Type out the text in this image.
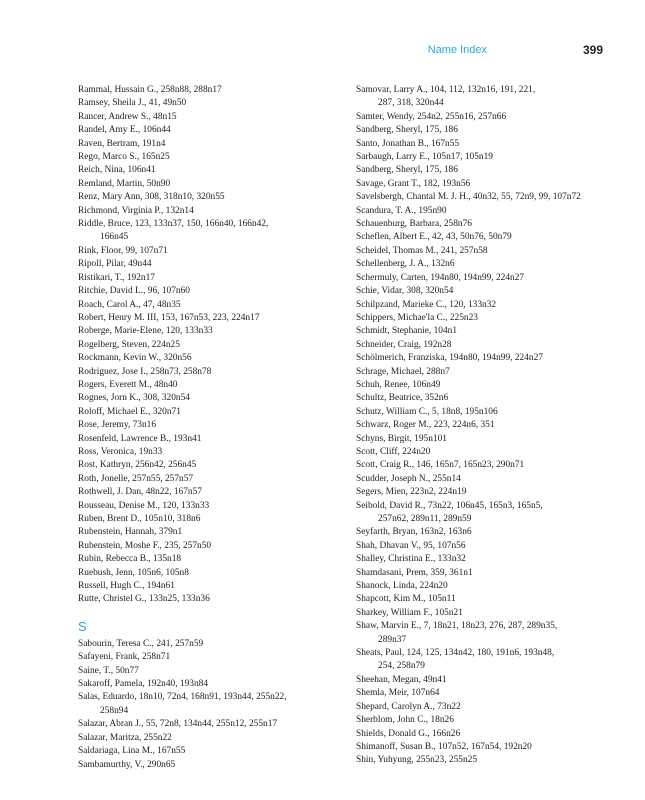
Name Index	399
Rammal, Hussain G., 258n88, 288n17
Ramsey, Sheila J., 41, 49n50
Rancer, Andrew S., 48n15
Randel, Amy E., 106n44
Raven, Bertram, 191n4
Rego, Marco S., 165n25
Reich, Nina, 106n41
Remland, Martin, 50n90
Renz, Mary Ann, 308, 318n10, 320n55
Richmond, Virginia P., 132n14
Riddle, Bruce, 123, 133n37, 150, 166n40, 166n42,
166n45
Rink, Floor, 99, 107n71
Ripoll, Pilar, 49n44
Ristikari, T., 192n17
Ritchie, David L., 96, 107n60
Roach, Carol A., 47, 48n35
Robert, Henry M. III, 153, 167n53, 223, 224n17
Roberge, Marie-Elene, 120, 133n33
Rogelberg, Steven, 224n25
Rockmann, Kevin W., 320n56
Rodriguez, Jose I., 258n73, 258n78
Rogers, Everett M., 48n40
Rognes, Jorn K., 308, 320n54
Roloff, Michael E., 320n71
Rose, Jeremy, 73n16
Rosenfeld, Lawrence B., 193n41
Ross, Veronica, 19n33
Rost, Kathryn, 256n42, 256n45
Roth, Jonelle, 257n55, 257n57
Rothwell, J. Dan, 48n22, 167n57
Rousseau, Denise M., 120, 133n33
Ruben, Brent D., 105n10, 318n6
Rubenstein, Hannah, 379n1
Rubenstein, Moshe F., 235, 257n50
Rubin, Rebecca B., 135n18
Ruebush, Jenn, 105n6, 105n8
Russell, Hugh C., 194n61
Rutte, Christel G., 133n25, 133n36
S
Sabourin, Teresa C., 241, 257n59
Safayeni, Frank, 258n71
Saine, T., 50n77
Sakaroff, Pamela, 192n40, 193n84
Salas, Eduardo, 18n10, 72n4, 168n91, 193n44, 255n22,
258n94
Salazar, Abran J., 55, 72n8, 134n44, 255n12, 255n17
Salazar, Maritza, 255n22
Saldariaga, Lina M., 167n55
Sambamurthy, V., 290n65
Samovar, Larry A., 104, 112, 132n16, 191, 221,
287, 318, 320n44
Samter, Wendy, 254n2, 255n16, 257n66
Sandberg, Sheryl, 175, 186
Santo, Jonathan B., 167n55
Sarbaugh, Larry E., 105n17, 105n19
Sandberg, Sheryl, 175, 186
Savage, Grant T., 182, 193n56
Savelsbergh, Chantal M. J. H., 40n32, 55, 72n9, 99, 107n72
Scandura, T. A., 195n90
Schauenburg, Barbara, 258n76
Scheflen, Albert E., 42, 43, 50n76, 50n79
Scheidel, Thomas M., 241, 257n58
Schellenberg, J. A., 132n6
Schermuly, Carten, 194n80, 194n99, 224n27
Schie, Vidar, 308, 320n54
Schilpzand, Marieke C., 120, 133n32
Schippers, Michae'la C., 225n23
Schmidt, Stephanie, 104n1
Schneider, Craig, 192n28
Schölmerich, Franziska, 194n80, 194n99, 224n27
Schrage, Michael, 288n7
Schuh, Renee, 106n49
Schultz, Beatrice, 352n6
Schutz, William C., 5, 18n8, 195n106
Schwarz, Roger M., 223, 224n6, 351
Schyns, Birgit, 195n101
Scott, Cliff, 224n20
Scott, Craig R., 146, 165n7, 165n23, 290n71
Scudder, Joseph N., 255n14
Segers, Mien, 223n2, 224n19
Seibold, David R., 73n22, 106n45, 165n3, 165n5,
257n62, 289n11, 289n59
Seyfarth, Bryan, 163n2, 163n6
Shah, Dhavan V., 95, 107n56
Shalley, Christina E., 133n32
Shamdasani, Prem, 359, 361n1
Shanock, Linda, 224n20
Shapcott, Kim M., 105n11
Sharkey, William F., 105n21
Shaw, Marvin E., 7, 18n21, 18n23, 276, 287, 289n35,
289n37
Sheats, Paul, 124, 125, 134n42, 180, 191n6, 193n48,
254, 258n79
Sheehan, Megan, 49n41
Shemla, Meir, 107n64
Shepard, Carolyn A., 73n22
Sherblom, John C., 18n26
Shields, Donald G., 166n26
Shimanoff, Susan B., 107n52, 167n54, 192n20
Shin, Yuhyung, 255n23, 255n25
